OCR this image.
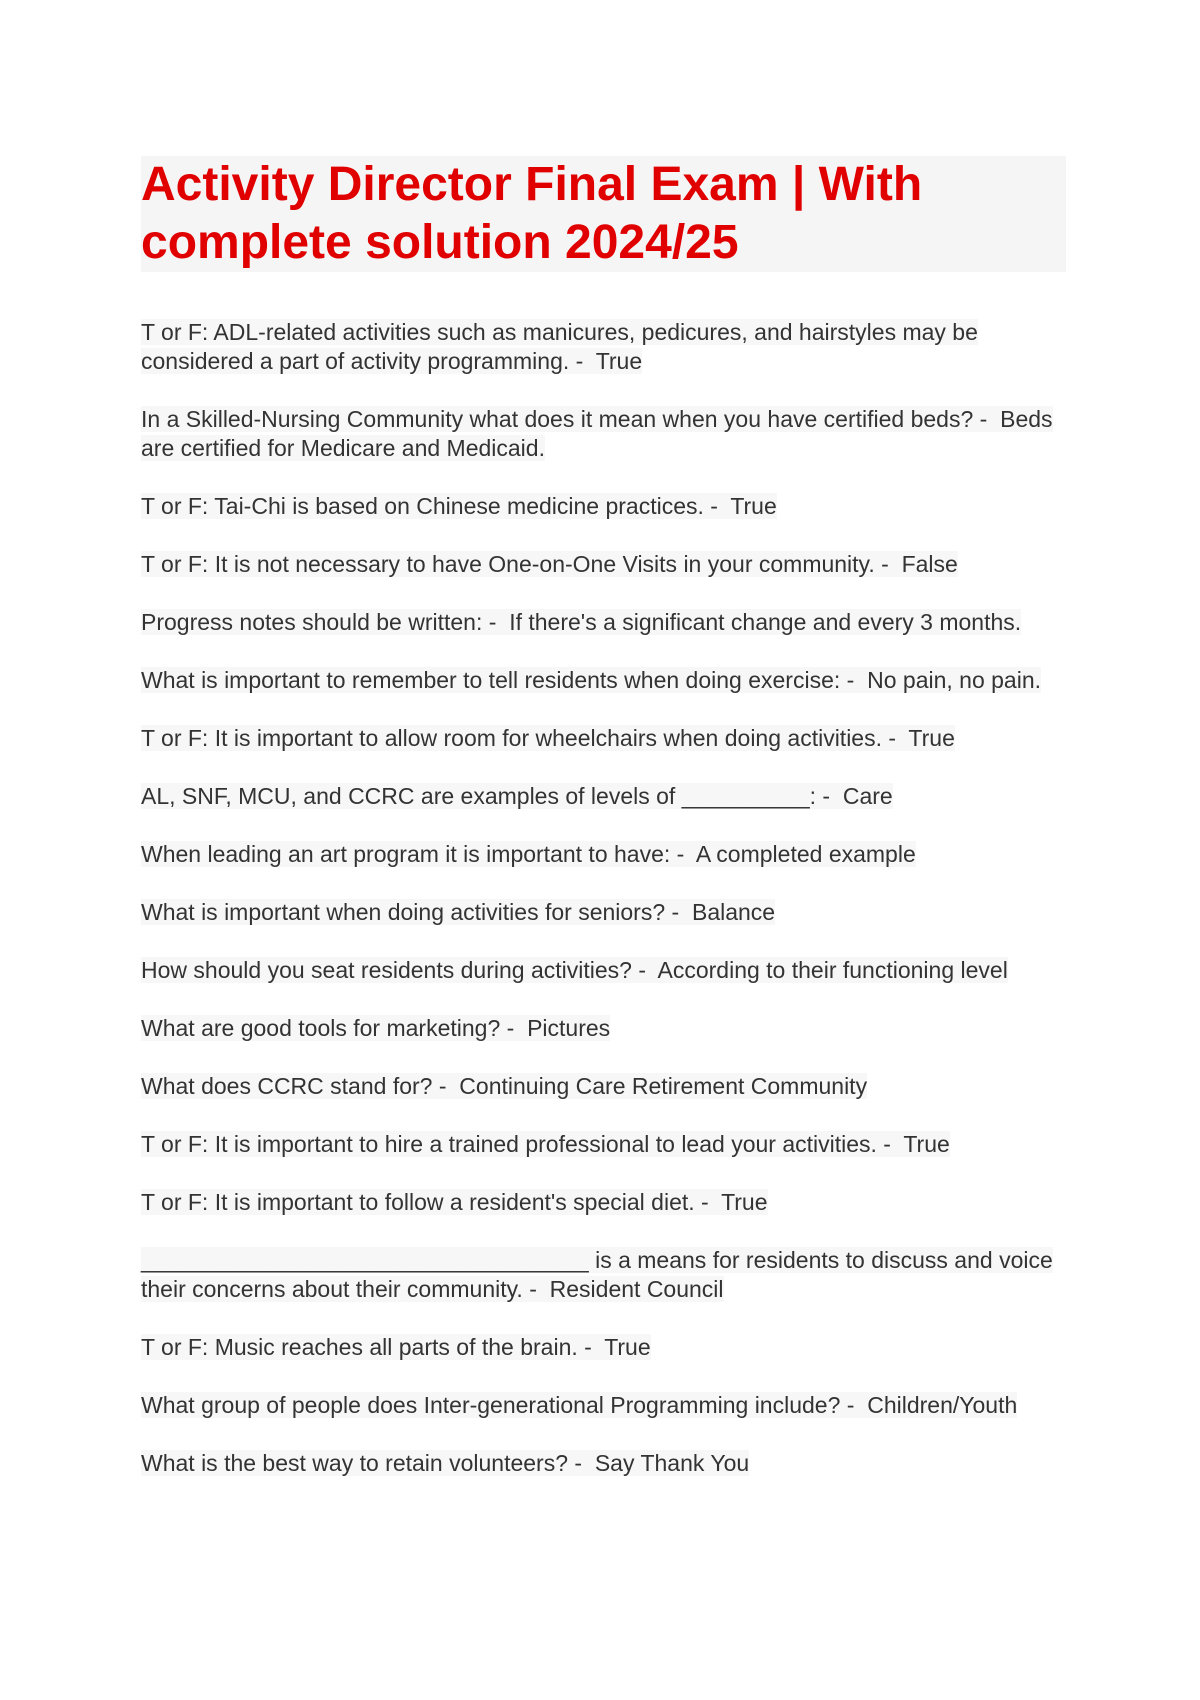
Activity Director Final Exam | With complete solution 2024/25
T or F: ADL-related activities such as manicures, pedicures, and hairstyles may be considered a part of activity programming. -  True
In a Skilled-Nursing Community what does it mean when you have certified beds? -  Beds are certified for Medicare and Medicaid.
T or F: Tai-Chi is based on Chinese medicine practices. -  True
T or F: It is not necessary to have One-on-One Visits in your community. -  False
Progress notes should be written: -  If there's a significant change and every 3 months.
What is important to remember to tell residents when doing exercise: -  No pain, no pain.
T or F: It is important to allow room for wheelchairs when doing activities. -  True
AL, SNF, MCU, and CCRC are examples of levels of __________: -  Care
When leading an art program it is important to have: -  A completed example
What is important when doing activities for seniors? -  Balance
How should you seat residents during activities? -  According to their functioning level
What are good tools for marketing? -  Pictures
What does CCRC stand for? -  Continuing Care Retirement Community
T or F: It is important to hire a trained professional to lead your activities. -  True
T or F: It is important to follow a resident's special diet. -  True
___________________________________ is a means for residents to discuss and voice their concerns about their community. -  Resident Council
T or F: Music reaches all parts of the brain. -  True
What group of people does Inter-generational Programming include? -  Children/Youth
What is the best way to retain volunteers? -  Say Thank You
